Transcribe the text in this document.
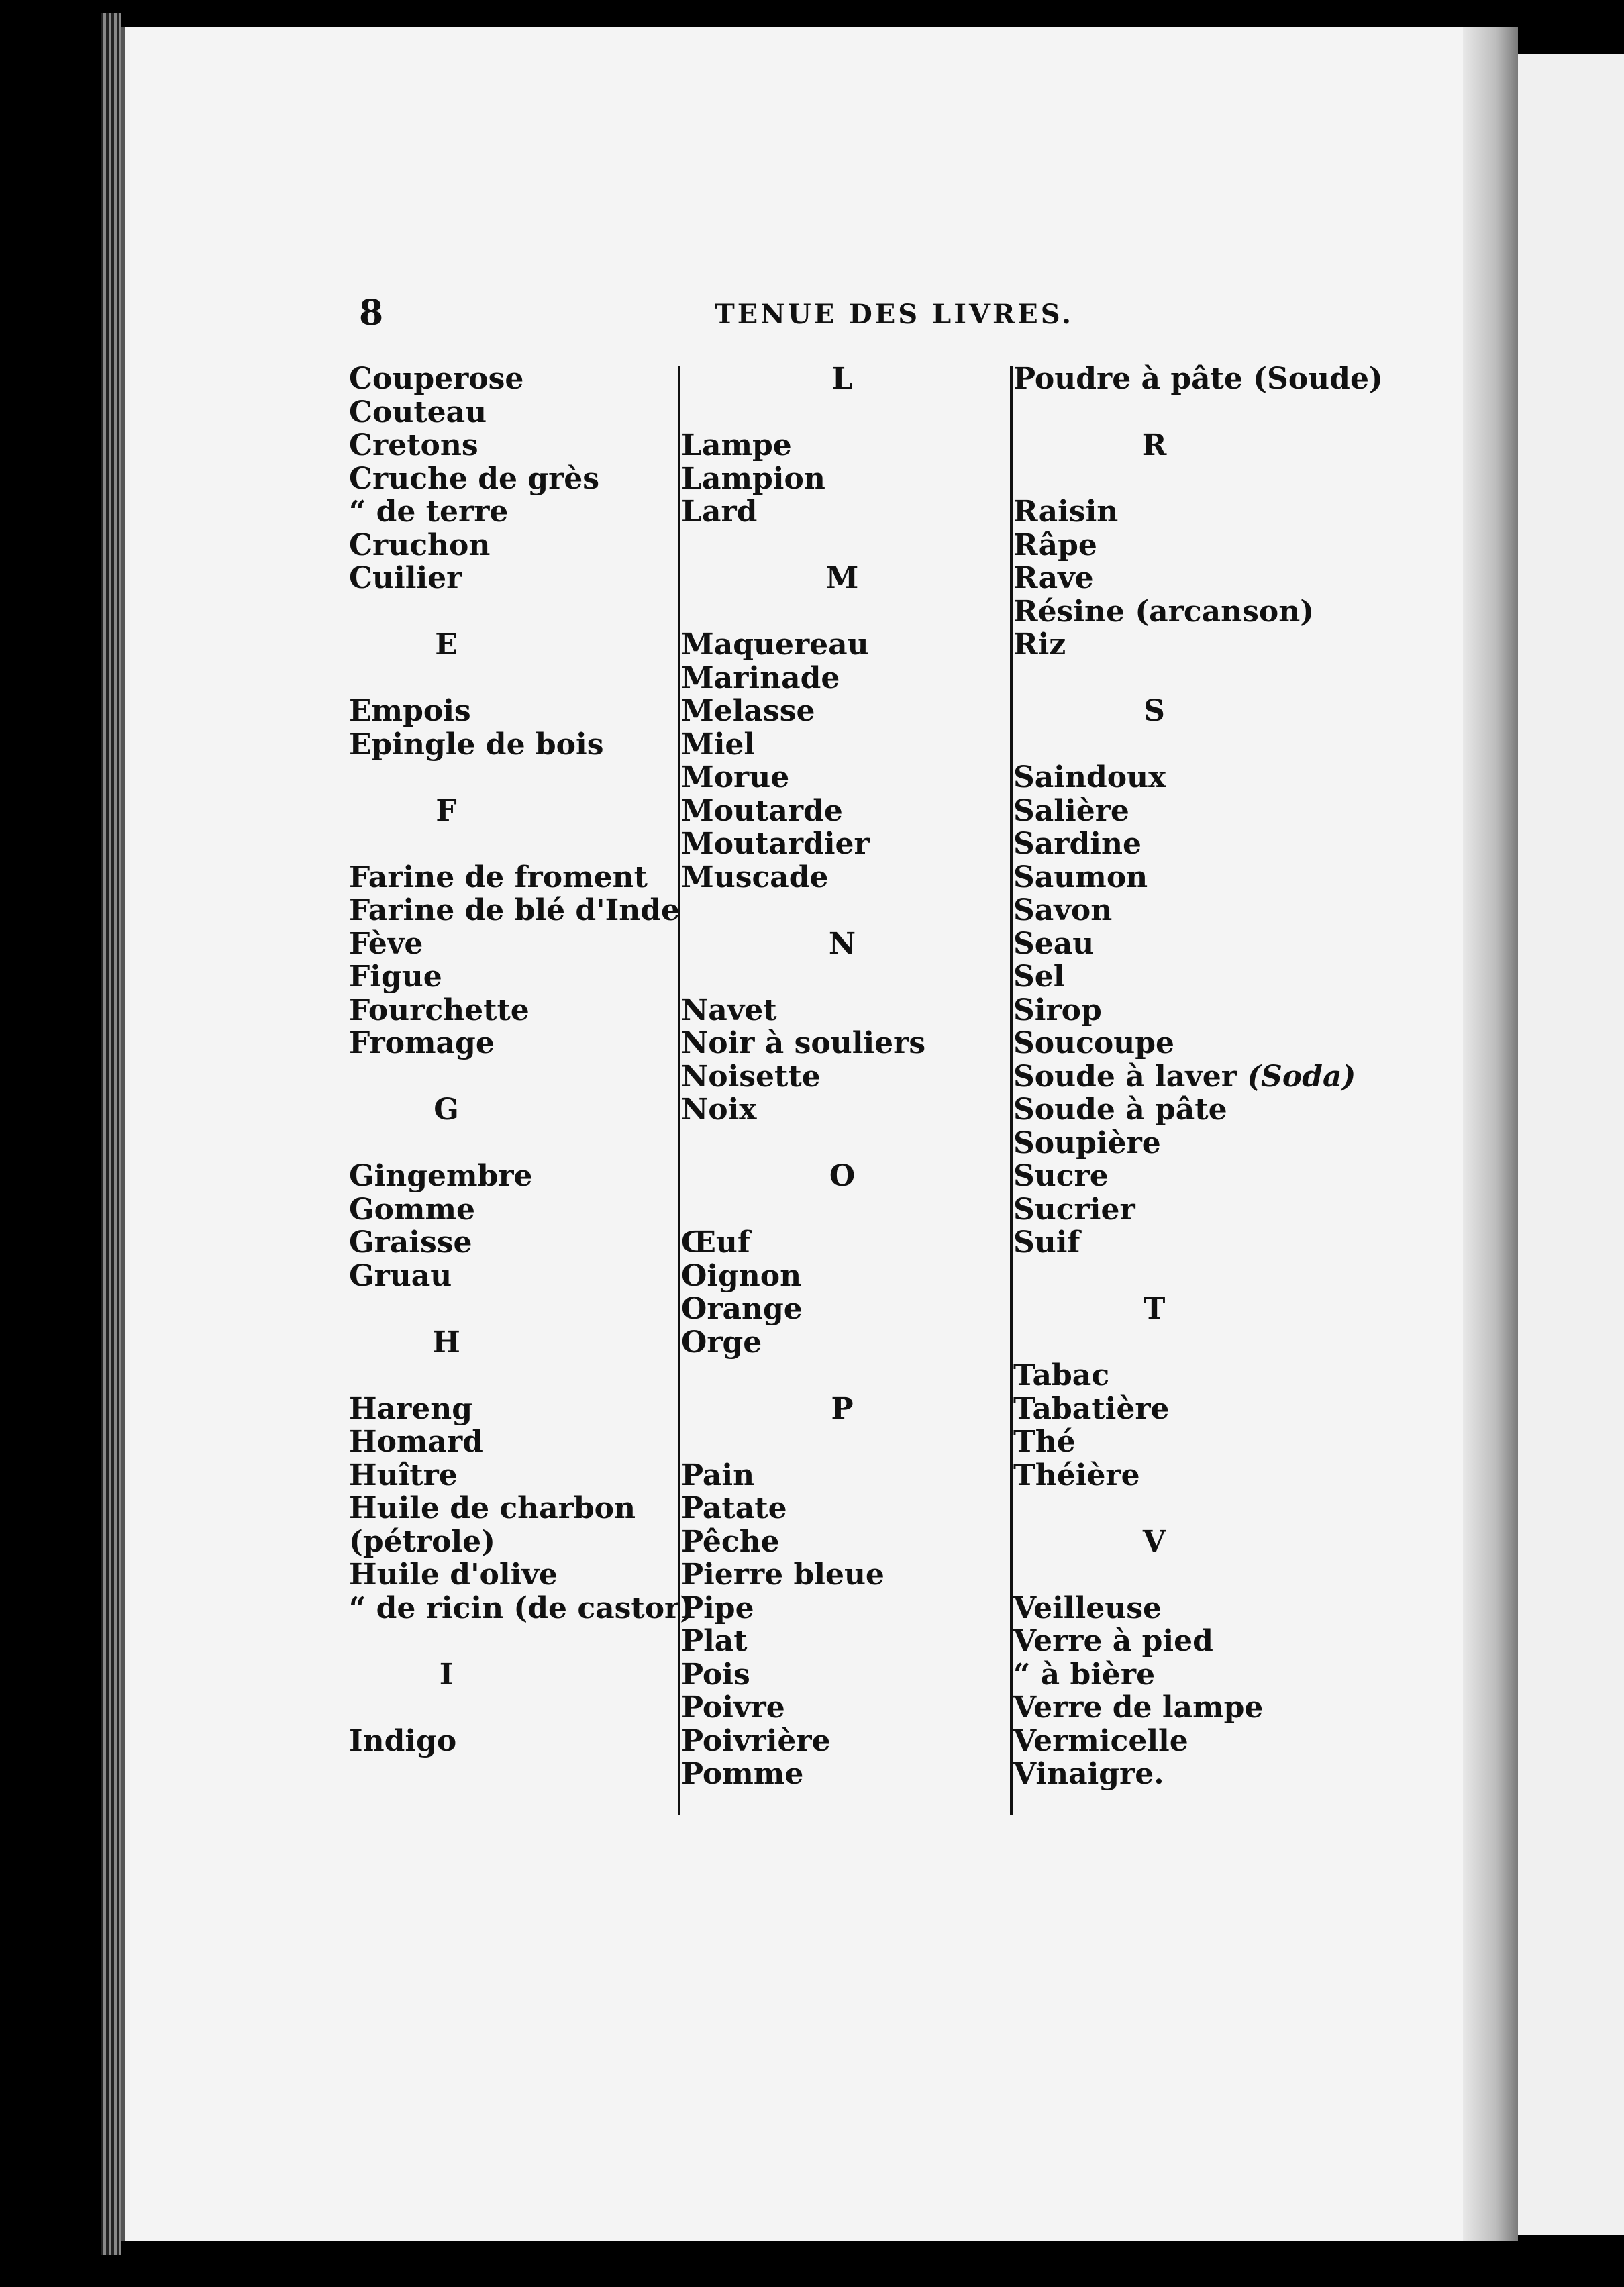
8	TENUE DES LIVRES.
Couperose
Couteau
Cretons
Cruche de grès
“ de terre
Cruchon
Cuilier
E
Empois
Epingle de bois
F
Farine de froment
Farine de blé d'Inde
Fève
Figue
Fourchette
Fromage
G
Gingembre
Gomme
Graisse
Gruau
H
Hareng
Homard
Huître
Huile de charbon
(pétrole)
Huile d'olive
“ de ricin (de castor)
I
Indigo
L
Lampe
Lampion
Lard
M
Maquereau
Marinade
Melasse
Miel
Morue
Moutarde
Moutardier
Muscade
N
Navet
Noir à souliers
Noisette
Noix
O
Œuf
Oignon
Orange
Orge
P
Pain
Patate
Pêche
Pierre bleue
Pipe
Plat
Pois
Poivre
Poivrière
Pomme
Poudre à pâte (Soude)
R
Raisin
Râpe
Rave
Résine (arcanson)
Riz
S
Saindoux
Salière
Sardine
Saumon
Savon
Seau
Sel
Sirop
Soucoupe
Soude à laver (Soda)
Soude à pâte
Soupière
Sucre
Sucrier
Suif
T
Tabac
Tabatière
Thé
Théière
V
Veilleuse
Verre à pied
“ à bière
Verre de lampe
Vermicelle
Vinaigre.
